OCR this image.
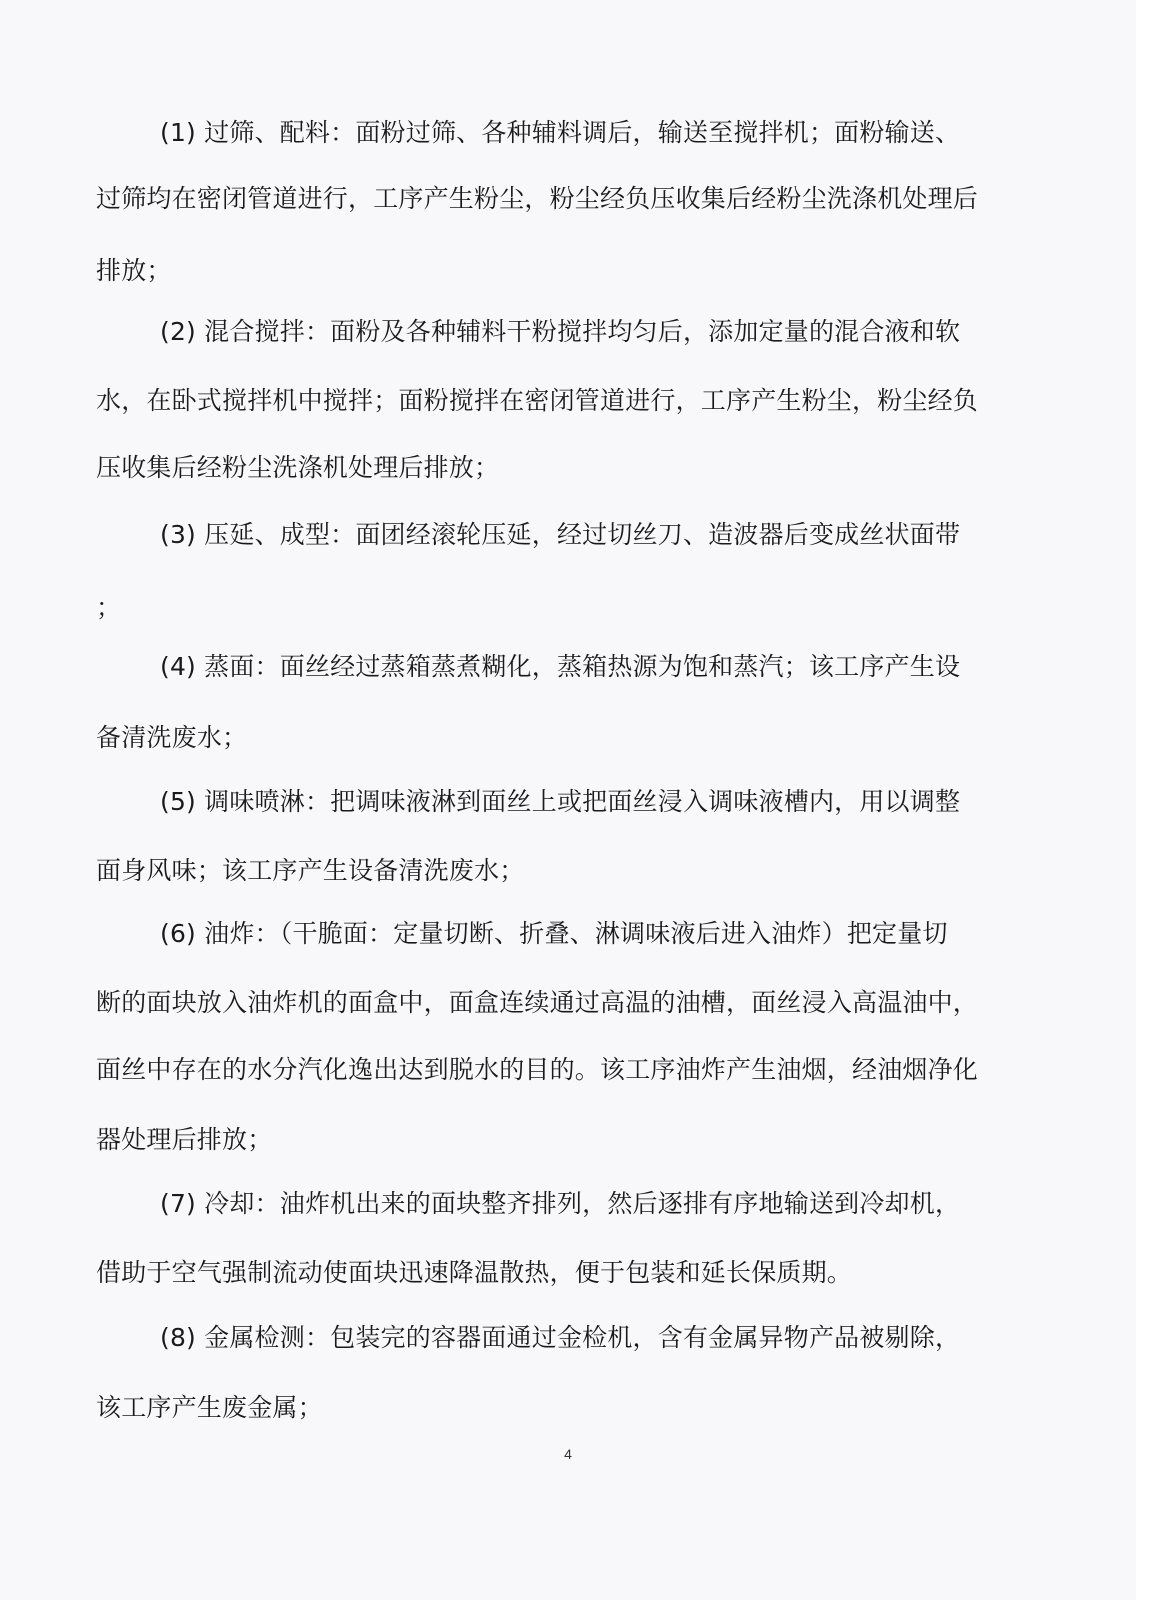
(1) 过筛、配料：面粉过筛、各种辅料调后，输送至搅拌机；面粉输送、
过筛均在密闭管道进行，工序产生粉尘，粉尘经负压收集后经粉尘洗涤机处理后
排放；
(2) 混合搅拌：面粉及各种辅料干粉搅拌均匀后，添加定量的混合液和软
水，在卧式搅拌机中搅拌；面粉搅拌在密闭管道进行，工序产生粉尘，粉尘经负
压收集后经粉尘洗涤机处理后排放；
(3) 压延、成型：面团经滚轮压延，经过切丝刀、造波器后变成丝状面带
；
(4) 蒸面：面丝经过蒸箱蒸煮糊化，蒸箱热源为饱和蒸汽；该工序产生设
备清洗废水；
(5) 调味喷淋：把调味液淋到面丝上或把面丝浸入调味液槽内，用以调整
面身风味；该工序产生设备清洗废水；
(6) 油炸：（干脆面：定量切断、折叠、淋调味液后进入油炸）把定量切
断的面块放入油炸机的面盒中，面盒连续通过高温的油槽，面丝浸入高温油中，
面丝中存在的水分汽化逸出达到脱水的目的。该工序油炸产生油烟，经油烟净化
器处理后排放；
(7) 冷却：油炸机出来的面块整齐排列，然后逐排有序地输送到冷却机，
借助于空气强制流动使面块迅速降温散热，便于包装和延长保质期。
(8) 金属检测：包装完的容器面通过金检机，含有金属异物产品被剔除，
该工序产生废金属；
4
